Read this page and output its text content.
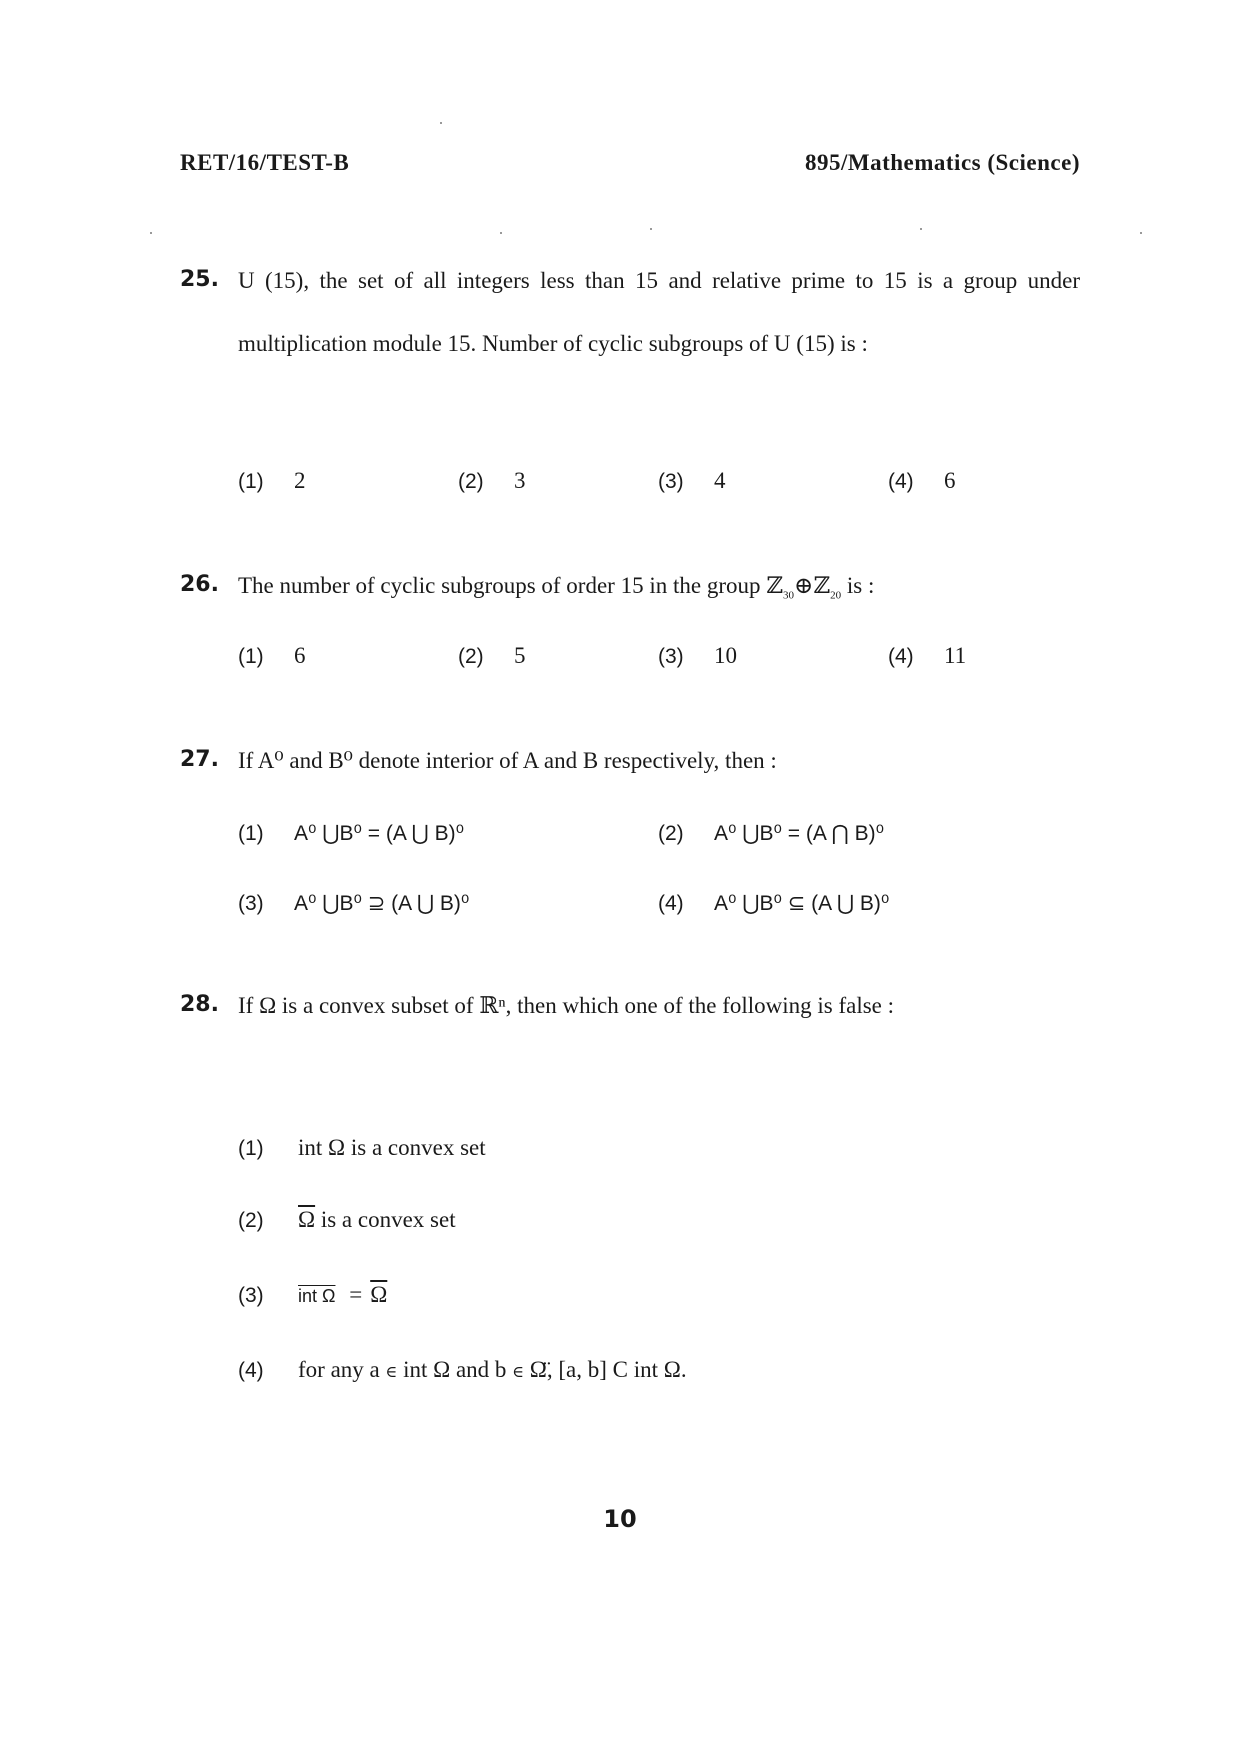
RET/16/TEST-B	895/Mathematics (Science)
25. U (15), the set of all integers less than 15 and relative prime to 15 is a group under multiplication module 15. Number of cyclic subgroups of U (15) is :
(1) 2	(2) 3	(3) 4	(4) 6
26. The number of cyclic subgroups of order 15 in the group ℤ$_{30}$⊕ℤ$_{20}$ is :
(1) 6	(2) 5	(3) 10	(4) 11
27. If A⁰ and B⁰ denote interior of A and B respectively, then :
(1) A⁰ ⋃B⁰ = (A ⋃ B)⁰	(2) A⁰ ⋃B⁰ = (A ⋂ B)⁰
(3) A⁰ ⋃B⁰ ⊇ (A ⋃ B)⁰	(4) A⁰ ⋃B⁰ ⊆ (A ⋃ B)⁰
28. If Ω is a convex subset of ℝⁿ, then which one of the following is false :
(1) int Ω is a convex set
(2) $\overline{\Omega}$ is a convex set
(3) int $\Omega = \overline{\Omega}$
(4) for any a ∈ int Ω and b ∈ Ω̈, [a, b] C int Ω.
10
